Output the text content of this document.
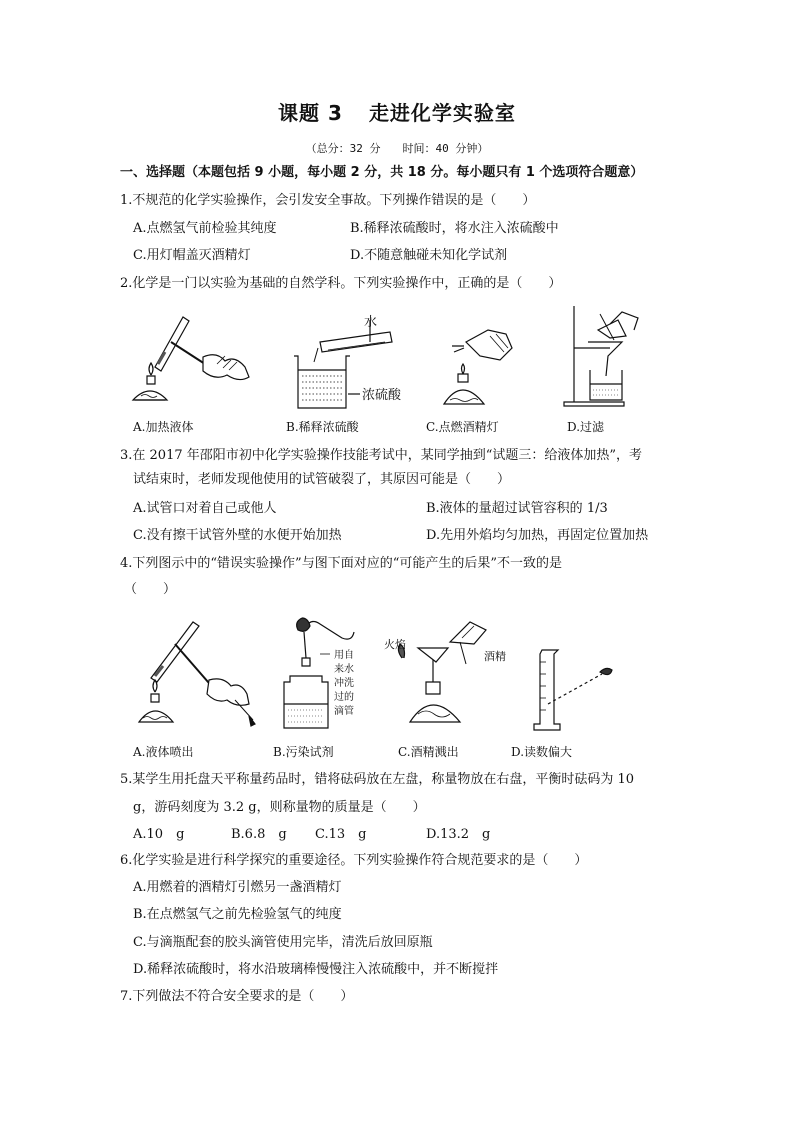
课题 3 走进化学实验室
（总分：32 分 时间：40 分钟）
一、选择题（本题包括 9 小题，每小题 2 分，共 18 分。每小题只有 1 个选项符合题意）
1.不规范的化学实验操作，会引发安全事故。下列操作错误的是（　　）
A.点燃氢气前检验其纯度	B.稀释浓硫酸时，将水注入浓硫酸中
C.用灯帽盖灭酒精灯	D.不随意触碰未知化学试剂
2.化学是一门以实验为基础的自然学科。下列实验操作中，正确的是（　　）
水
浓硫酸
A.加热液体	B.稀释浓硫酸	C.点燃酒精灯	D.过滤
3.在 2017 年邵阳市初中化学实验操作技能考试中，某同学抽到“试题三：给液体加热”，考
试结束时，老师发现他使用的试管破裂了，其原因可能是（　　）
A.试管口对着自己或他人	B.液体的量超过试管容积的 1/3
C.没有擦干试管外壁的水便开始加热	D.先用外焰均匀加热，再固定位置加热
4.下列图示中的“错误实验操作”与图下面对应的“可能产生的后果”不一致的是
（　　）
用自 来水 冲洗 过的 滴管
火焰
酒精
A.液体喷出	B.污染试剂	C.酒精溅出	D.读数偏大
5.某学生用托盘天平称量药品时，错将砝码放在左盘，称量物放在右盘，平衡时砝码为 10
g，游码刻度为 3.2 g，则称量物的质量是（　　）
A.10　g	B.6.8　g C.13　g	D.13.2　g
6.化学实验是进行科学探究的重要途径。下列实验操作符合规范要求的是（　　）
A.用燃着的酒精灯引燃另一盏酒精灯
B.在点燃氢气之前先检验氢气的纯度
C.与滴瓶配套的胶头滴管使用完毕，清洗后放回原瓶
D.稀释浓硫酸时，将水沿玻璃棒慢慢注入浓硫酸中，并不断搅拌
7.下列做法不符合安全要求的是（　　）
